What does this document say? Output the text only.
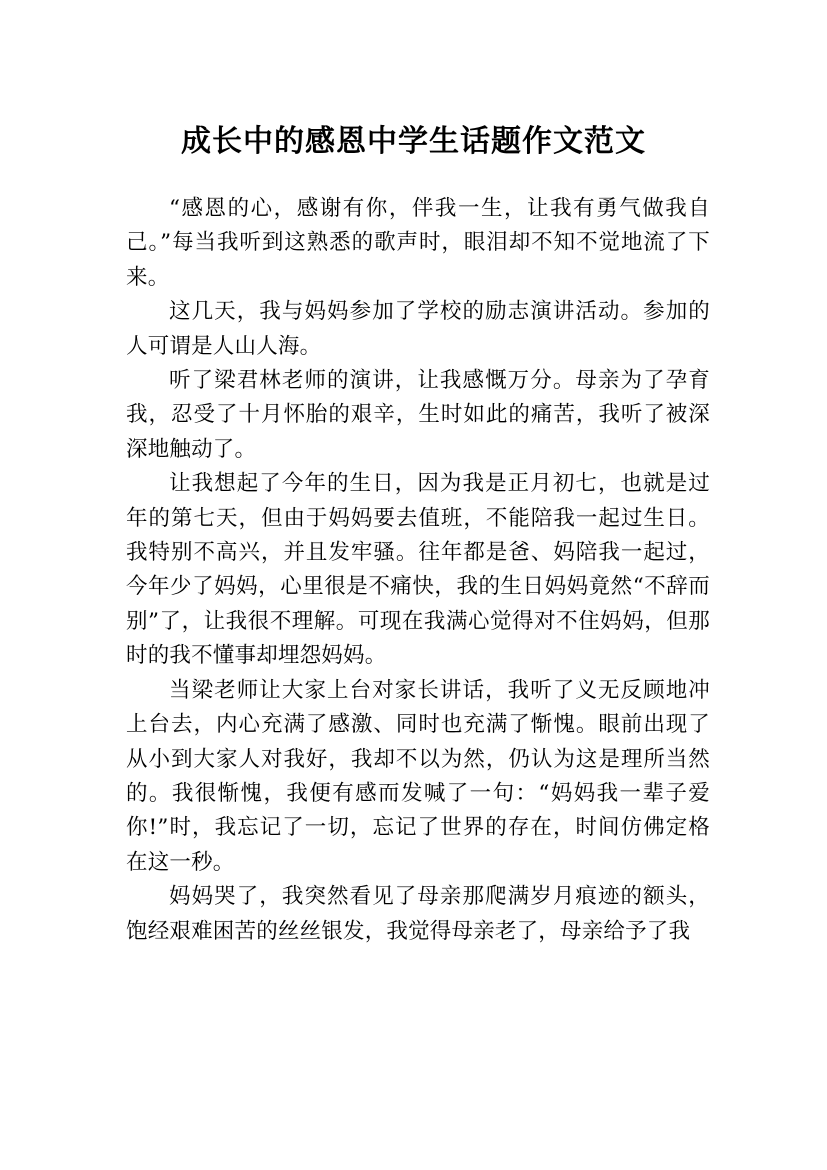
成长中的感恩中学生话题作文范文

“感恩的心，感谢有你，伴我一生，让我有勇气做我自己。”每当我听到这熟悉的歌声时，眼泪却不知不觉地流了下来。

这几天，我与妈妈参加了学校的励志演讲活动。参加的人可谓是人山人海。

听了梁君林老师的演讲，让我感慨万分。母亲为了孕育我，忍受了十月怀胎的艰辛，生时如此的痛苦，我听了被深深地触动了。

让我想起了今年的生日，因为我是正月初七，也就是过年的第七天，但由于妈妈要去值班，不能陪我一起过生日。我特别不高兴，并且发牢骚。往年都是爸、妈陪我一起过，今年少了妈妈，心里很是不痛快，我的生日妈妈竟然“不辞而别”了，让我很不理解。可现在我满心觉得对不住妈妈，但那时的我不懂事却埋怨妈妈。

当梁老师让大家上台对家长讲话，我听了义无反顾地冲上台去，内心充满了感激、同时也充满了惭愧。眼前出现了从小到大家人对我好，我却不以为然，仍认为这是理所当然的。我很惭愧，我便有感而发喊了一句：“妈妈我一辈子爱你!”时，我忘记了一切，忘记了世界的存在，时间仿佛定格在这一秒。

妈妈哭了，我突然看见了母亲那爬满岁月痕迹的额头，饱经艰难困苦的丝丝银发，我觉得母亲老了，母亲给予了我
